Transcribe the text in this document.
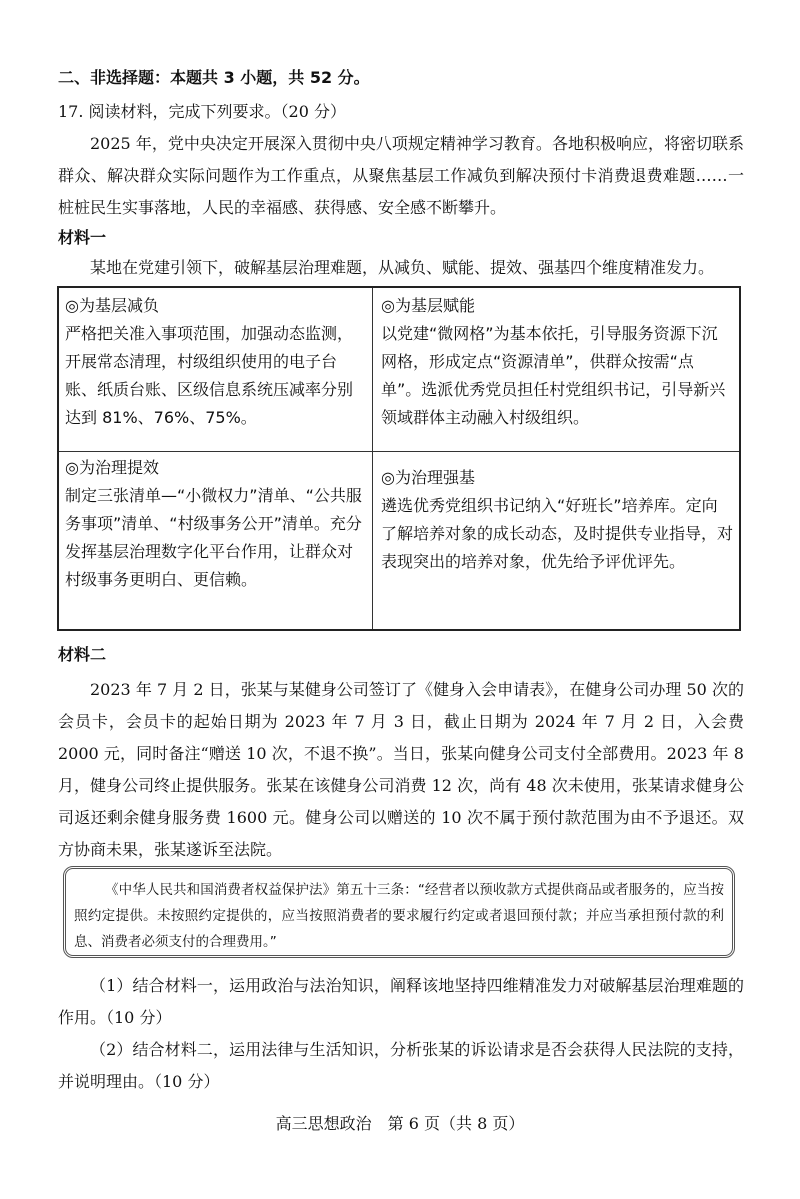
二、非选择题：本题共 3 小题，共 52 分。
17. 阅读材料，完成下列要求。（20 分）
2025 年，党中央决定开展深入贯彻中央八项规定精神学习教育。各地积极响应，将密切联系群众、解决群众实际问题作为工作重点，从聚焦基层工作减负到解决预付卡消费退费难题……一桩桩民生实事落地，人民的幸福感、获得感、安全感不断攀升。
材料一
某地在党建引领下，破解基层治理难题，从减负、赋能、提效、强基四个维度精准发力。
◎为基层减负
严格把关准入事项范围，加强动态监测，开展常态清理，村级组织使用的电子台账、纸质台账、区级信息系统压减率分别达到 81%、76%、75%。
◎为基层赋能
以党建“微网格”为基本依托，引导服务资源下沉网格，形成定点“资源清单”，供群众按需“点单”。选派优秀党员担任村党组织书记，引导新兴领域群体主动融入村级组织。
◎为治理提效
制定三张清单—“小微权力”清单、“公共服务事项”清单、“村级事务公开”清单。充分发挥基层治理数字化平台作用，让群众对村级事务更明白、更信赖。
◎为治理强基
遴选优秀党组织书记纳入“好班长”培养库。定向了解培养对象的成长动态，及时提供专业指导，对表现突出的培养对象，优先给予评优评先。
材料二
2023 年 7 月 2 日，张某与某健身公司签订了《健身入会申请表》，在健身公司办理 50 次的会员卡，会员卡的起始日期为 2023 年 7 月 3 日，截止日期为 2024 年 7 月 2 日，入会费 2000 元，同时备注“赠送 10 次，不退不换”。当日，张某向健身公司支付全部费用。2023 年 8 月，健身公司终止提供服务。张某在该健身公司消费 12 次，尚有 48 次未使用，张某请求健身公司返还剩余健身服务费 1600 元。健身公司以赠送的 10 次不属于预付款范围为由不予退还。双方协商未果，张某遂诉至法院。
《中华人民共和国消费者权益保护法》第五十三条：“经营者以预收款方式提供商品或者服务的，应当按照约定提供。未按照约定提供的，应当按照消费者的要求履行约定或者退回预付款；并应当承担预付款的利息、消费者必须支付的合理费用。”
（1）结合材料一，运用政治与法治知识，阐释该地坚持四维精准发力对破解基层治理难题的作用。（10 分）
（2）结合材料二，运用法律与生活知识，分析张某的诉讼请求是否会获得人民法院的支持，并说明理由。（10 分）
高三思想政治　第 6 页（共 8 页）
